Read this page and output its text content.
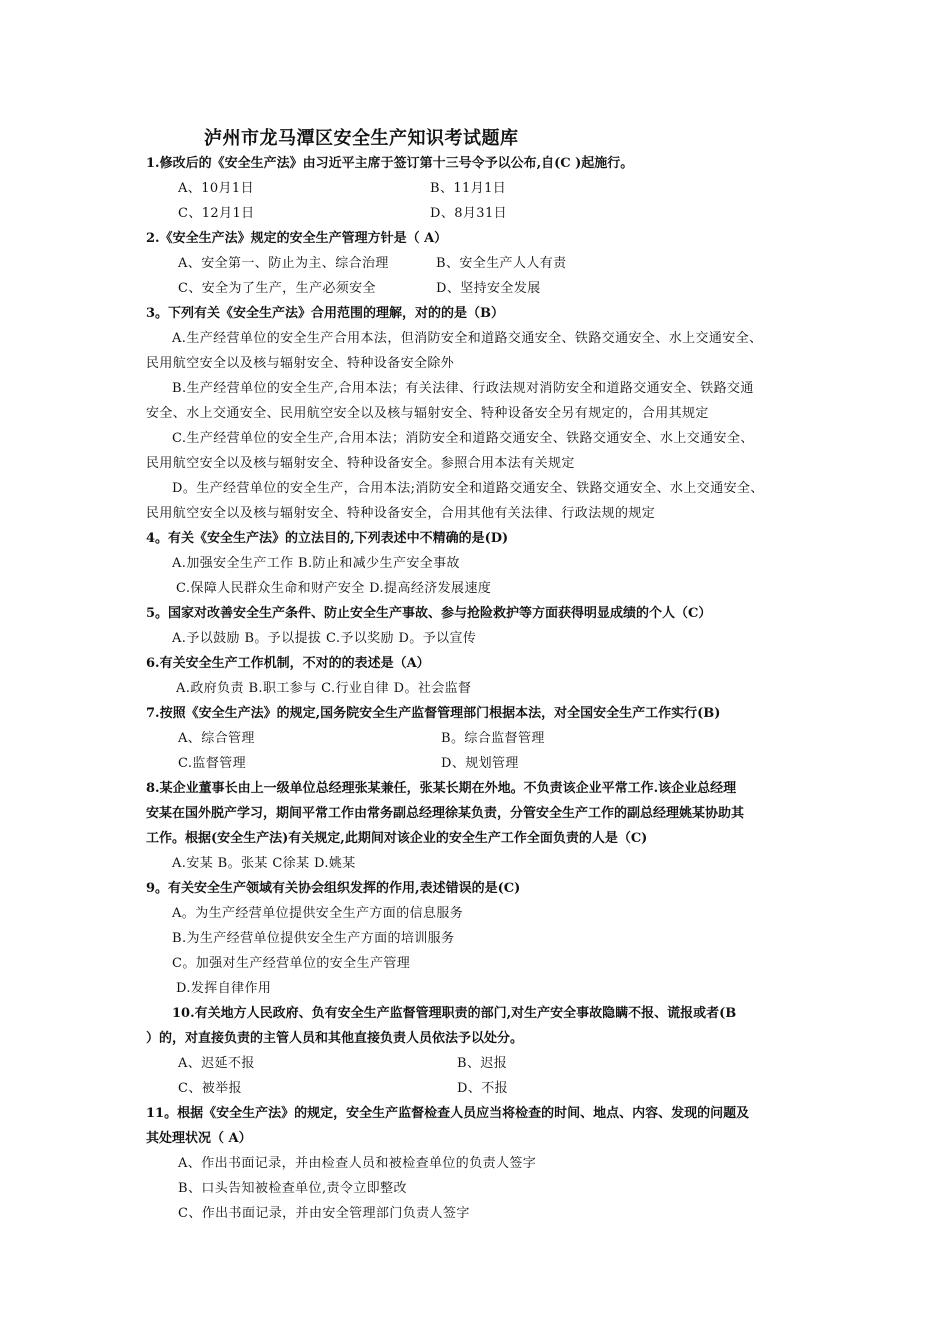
泸州市龙马潭区安全生产知识考试题库
1.修改后的《安全生产法》由习近平主席于签订第十三号令予以公布,自(C )起施行。
A、10月1日	B、11月1日
C、12月1日	D、8月31日
2.《安全生产法》规定的安全生产管理方针是（ A）
A、安全第一、防止为主、综合治理	B、安全生产人人有责
C、安全为了生产，生产必须安全	D、坚持安全发展
3。下列有关《安全生产法》合用范围的理解，对的的是（B）
A.生产经营单位的安全生产合用本法，但消防安全和道路交通安全、铁路交通安全、水上交通安全、
民用航空安全以及核与辐射安全、特种设备安全除外
B.生产经营单位的安全生产,合用本法；有关法律、行政法规对消防安全和道路交通安全、铁路交通
安全、水上交通安全、民用航空安全以及核与辐射安全、特种设备安全另有规定的，合用其规定
C.生产经营单位的安全生产,合用本法；消防安全和道路交通安全、铁路交通安全、水上交通安全、
民用航空安全以及核与辐射安全、特种设备安全。参照合用本法有关规定
D。生产经营单位的安全生产，合用本法;消防安全和道路交通安全、铁路交通安全、水上交通安全、
民用航空安全以及核与辐射安全、特种设备安全，合用其他有关法律、行政法规的规定
4。有关《安全生产法》的立法目的,下列表述中不精确的是(D)
A.加强安全生产工作 B.防止和减少生产安全事故
C.保障人民群众生命和财产安全 D.提高经济发展速度
5。国家对改善安全生产条件、防止安全生产事故、参与抢险救护等方面获得明显成绩的个人（C）
A.予以鼓励 B。予以提拔 C.予以奖励 D。予以宣传
6.有关安全生产工作机制，不对的的表述是（A）
A.政府负责 B.职工参与 C.行业自律 D。社会监督
7.按照《安全生产法》的规定,国务院安全生产监督管理部门根据本法，对全国安全生产工作实行(B)
A、综合管理	B。综合监督管理
C.监督管理	D、规划管理
8.某企业董事长由上一级单位总经理张某兼任，张某长期在外地。不负责该企业平常工作.该企业总经理
安某在国外脱产学习，期间平常工作由常务副总经理徐某负责，分管安全生产工作的副总经理姚某协助其
工作。根据(安全生产法)有关规定,此期间对该企业的安全生产工作全面负责的人是（C)
A.安某 B。张某 C徐某 D.姚某
9。有关安全生产领域有关协会组织发挥的作用,表述错误的是(C)
A。为生产经营单位提供安全生产方面的信息服务
B.为生产经营单位提供安全生产方面的培训服务
C。加强对生产经营单位的安全生产管理
D.发挥自律作用
10.有关地方人民政府、负有安全生产监督管理职责的部门,对生产安全事故隐瞒不报、谎报或者(B
）的，对直接负责的主管人员和其他直接负责人员依法予以处分。
A、迟延不报	B、迟报
C、被举报	D、不报
11。根据《安全生产法》的规定，安全生产监督检查人员应当将检查的时间、地点、内容、发现的问题及
其处理状况（ A）
A、作出书面记录，并由检查人员和被检查单位的负责人签字
B、口头告知被检查单位,责令立即整改
C、作出书面记录，并由安全管理部门负责人签字
